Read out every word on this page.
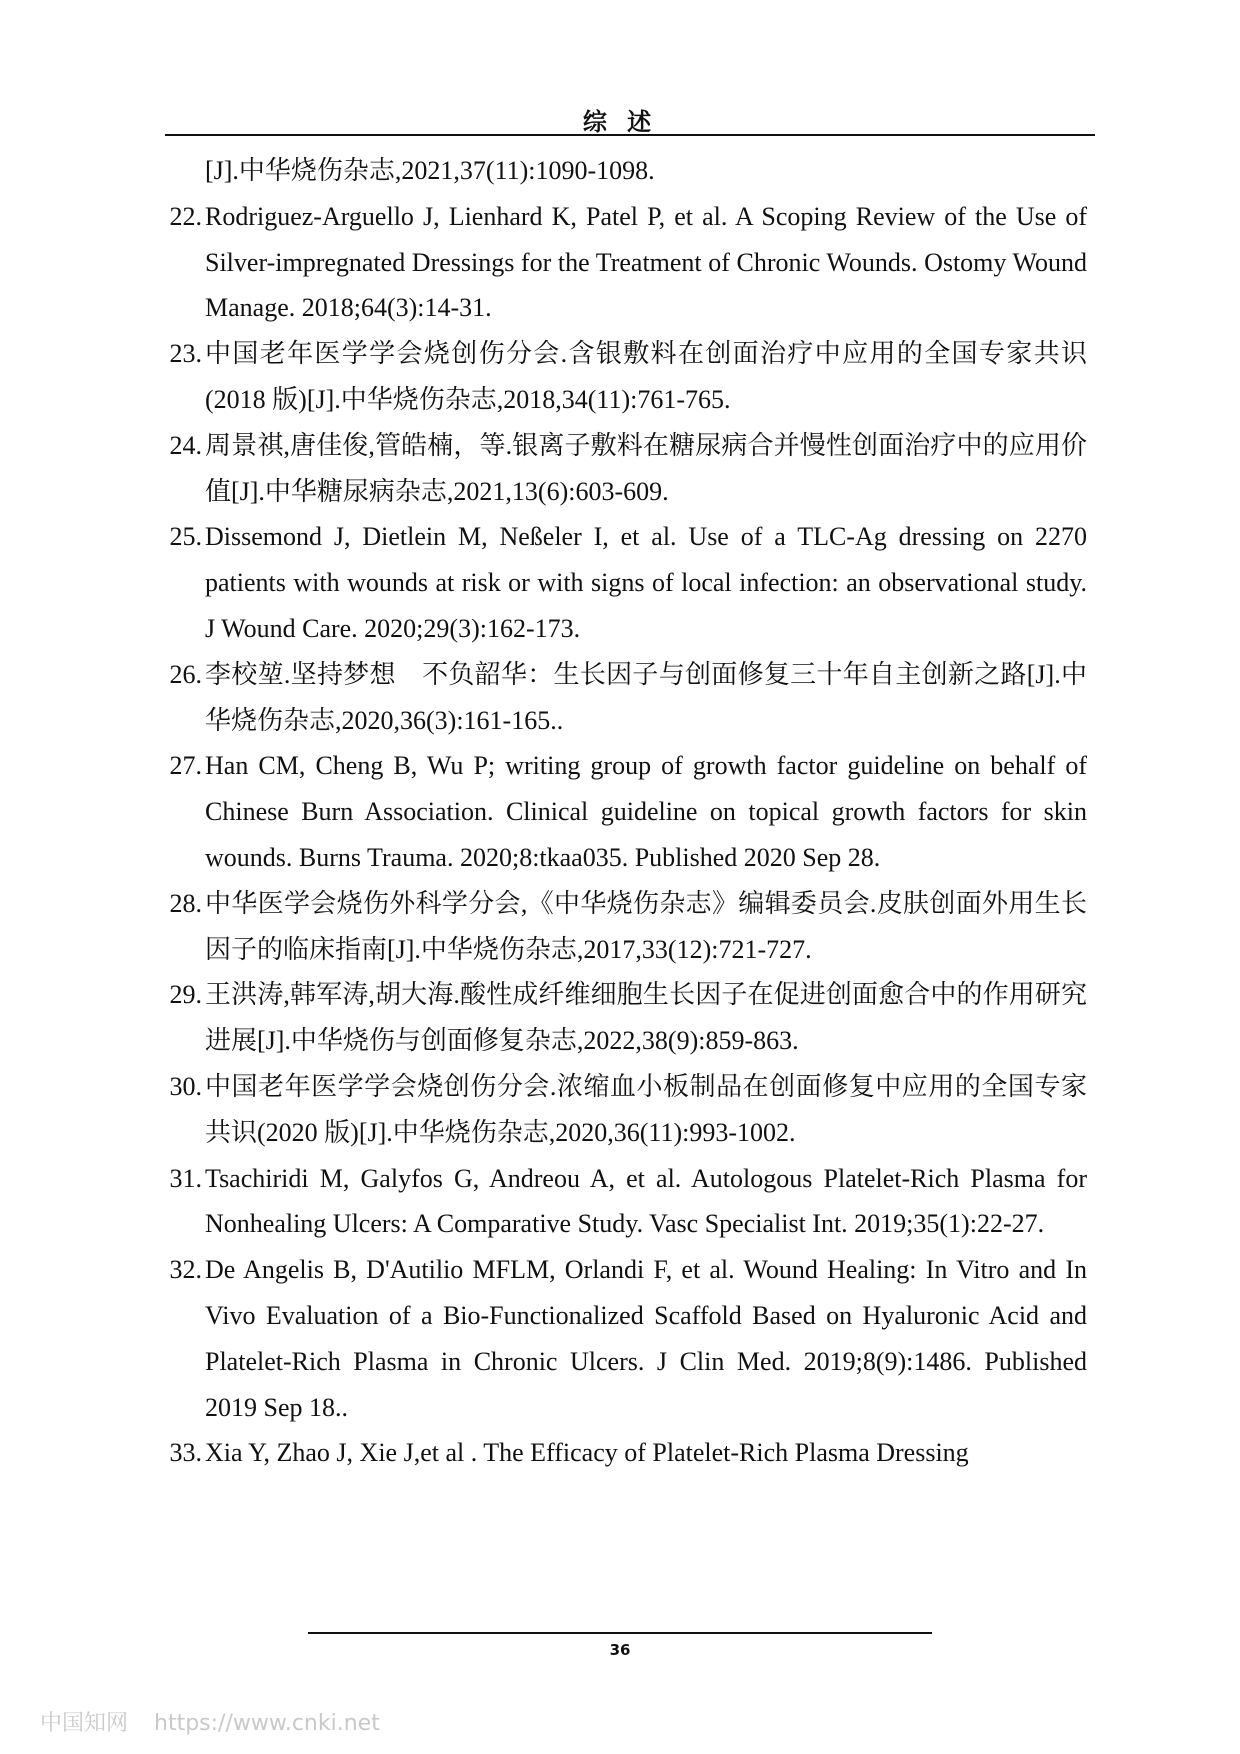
综 述
[J].中华烧伤杂志,2021,37(11):1090-1098.
22. Rodriguez-Arguello J, Lienhard K, Patel P, et al. A Scoping Review of the Use of Silver-impregnated Dressings for the Treatment of Chronic Wounds. Ostomy Wound Manage. 2018;64(3):14-31.
23. 中国老年医学学会烧创伤分会.含银敷料在创面治疗中应用的全国专家共识(2018 版)[J].中华烧伤杂志,2018,34(11):761-765.
24. 周景祺,唐佳俊,管皓楠，等.银离子敷料在糖尿病合并慢性创面治疗中的应用价值[J].中华糖尿病杂志,2021,13(6):603-609.
25. Dissemond J, Dietlein M, Neßeler I, et al. Use of a TLC-Ag dressing on 2270 patients with wounds at risk or with signs of local infection: an observational study. J Wound Care. 2020;29(3):162-173.
26. 李校堃.坚持梦想　不负韶华：生长因子与创面修复三十年自主创新之路[J].中华烧伤杂志,2020,36(3):161-165..
27. Han CM, Cheng B, Wu P; writing group of growth factor guideline on behalf of Chinese Burn Association. Clinical guideline on topical growth factors for skin wounds. Burns Trauma. 2020;8:tkaa035. Published 2020 Sep 28.
28. 中华医学会烧伤外科学分会,《中华烧伤杂志》编辑委员会.皮肤创面外用生长因子的临床指南[J].中华烧伤杂志,2017,33(12):721-727.
29. 王洪涛,韩军涛,胡大海.酸性成纤维细胞生长因子在促进创面愈合中的作用研究进展[J].中华烧伤与创面修复杂志,2022,38(9):859-863.
30. 中国老年医学学会烧创伤分会.浓缩血小板制品在创面修复中应用的全国专家共识(2020 版)[J].中华烧伤杂志,2020,36(11):993-1002.
31. Tsachiridi M, Galyfos G, Andreou A, et al. Autologous Platelet-Rich Plasma for Nonhealing Ulcers: A Comparative Study. Vasc Specialist Int. 2019;35(1):22-27.
32. De Angelis B, D'Autilio MFLM, Orlandi F, et al. Wound Healing: In Vitro and In Vivo Evaluation of a Bio-Functionalized Scaffold Based on Hyaluronic Acid and Platelet-Rich Plasma in Chronic Ulcers. J Clin Med. 2019;8(9):1486. Published 2019 Sep 18..
33. Xia Y, Zhao J, Xie J,et al . The Efficacy of Platelet-Rich Plasma Dressing
36
中国知网 https://www.cnki.net
